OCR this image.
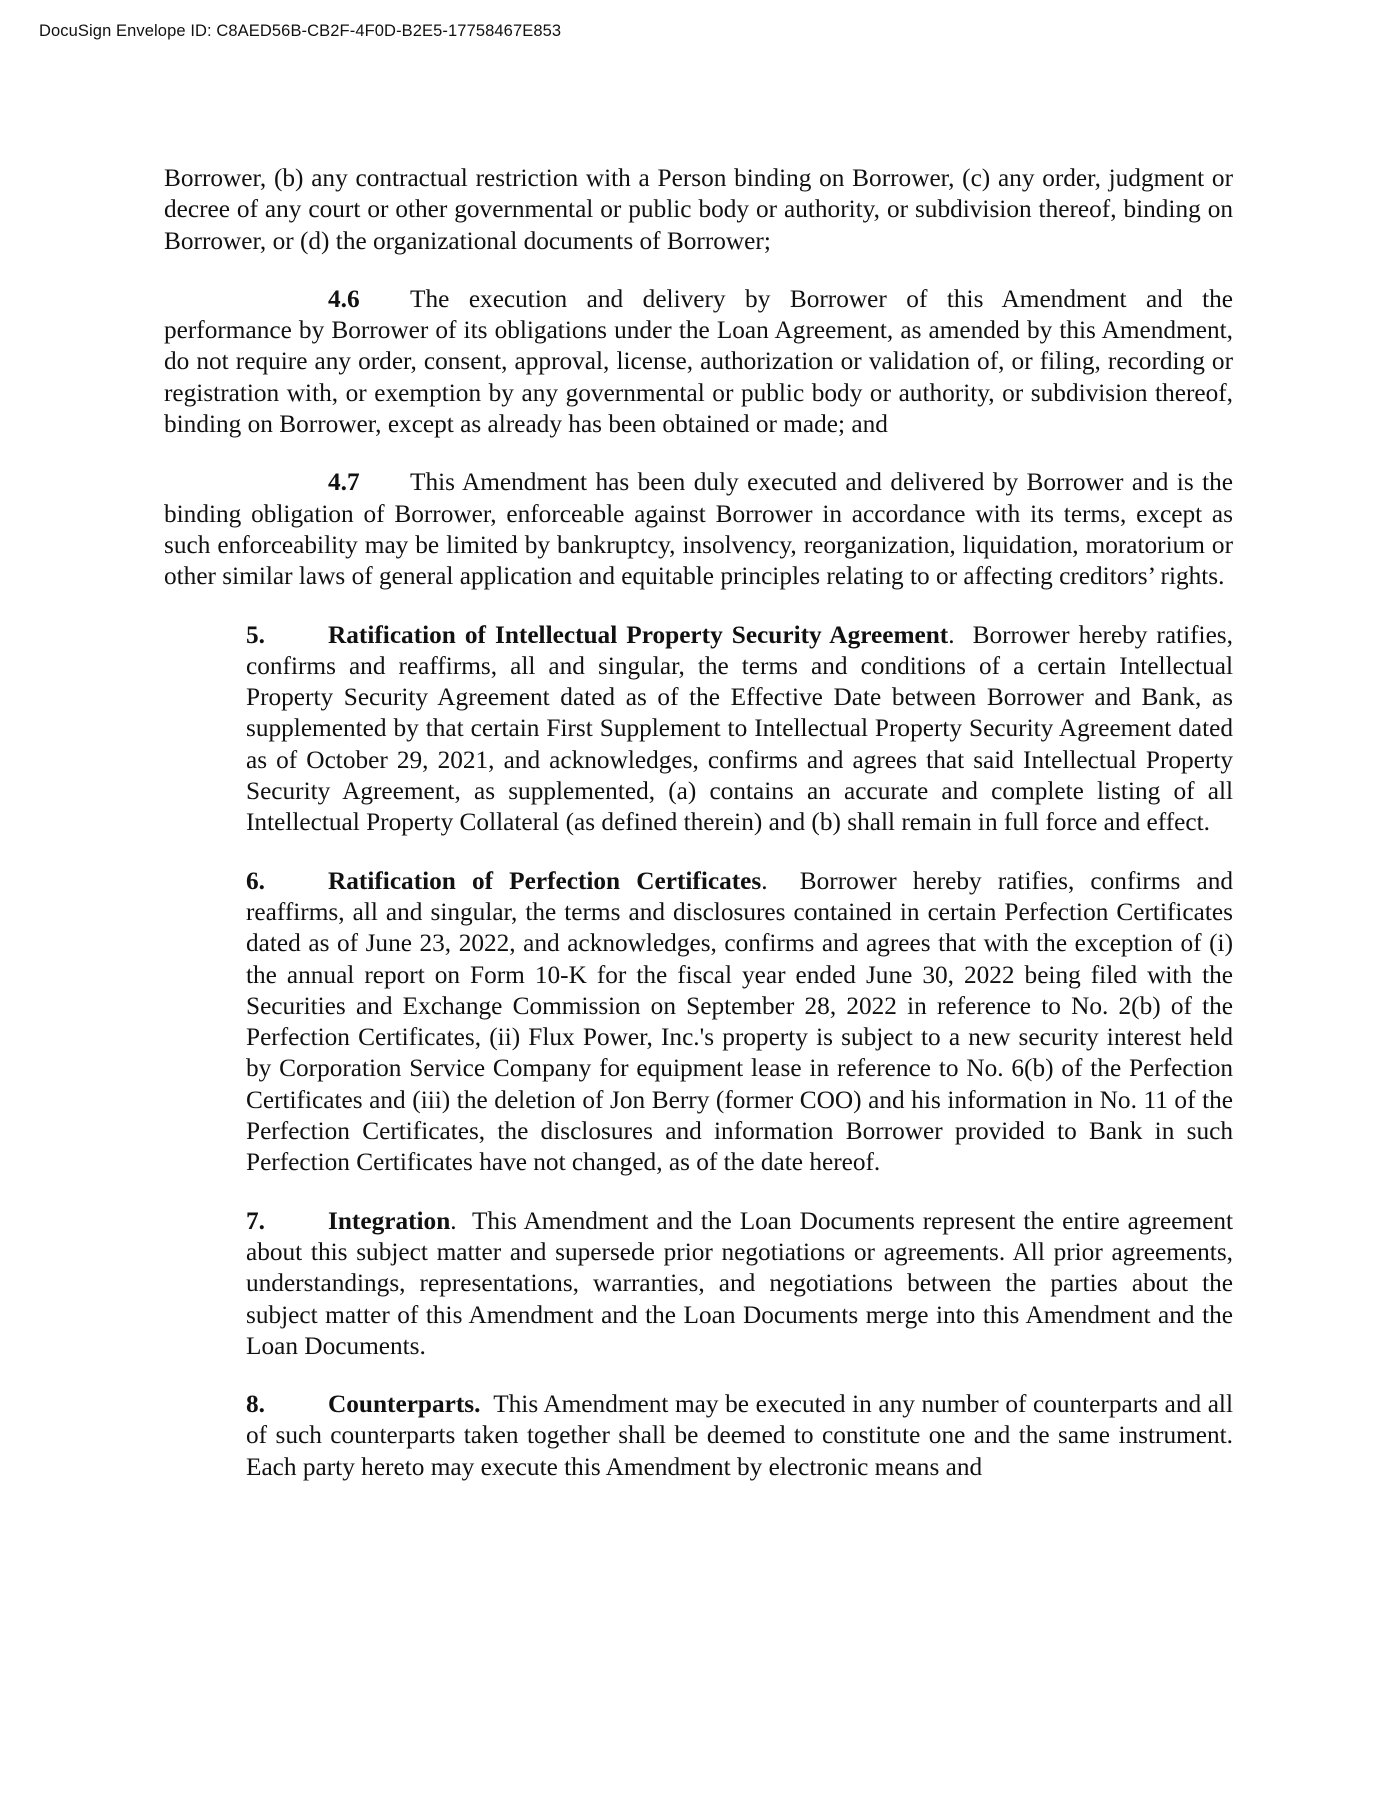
DocuSign Envelope ID: C8AED56B-CB2F-4F0D-B2E5-17758467E853

Borrower, (b) any contractual restriction with a Person binding on Borrower, (c) any order, judgment or decree of any court or other governmental or public body or authority, or subdivision thereof, binding on Borrower, or (d) the organizational documents of Borrower;

4.6 The execution and delivery by Borrower of this Amendment and the performance by Borrower of its obligations under the Loan Agreement, as amended by this Amendment, do not require any order, consent, approval, license, authorization or validation of, or filing, recording or registration with, or exemption by any governmental or public body or authority, or subdivision thereof, binding on Borrower, except as already has been obtained or made; and

4.7 This Amendment has been duly executed and delivered by Borrower and is the binding obligation of Borrower, enforceable against Borrower in accordance with its terms, except as such enforceability may be limited by bankruptcy, insolvency, reorganization, liquidation, moratorium or other similar laws of general application and equitable principles relating to or affecting creditors’ rights.

5. Ratification of Intellectual Property Security Agreement. Borrower hereby ratifies, confirms and reaffirms, all and singular, the terms and conditions of a certain Intellectual Property Security Agreement dated as of the Effective Date between Borrower and Bank, as supplemented by that certain First Supplement to Intellectual Property Security Agreement dated as of October 29, 2021, and acknowledges, confirms and agrees that said Intellectual Property Security Agreement, as supplemented, (a) contains an accurate and complete listing of all Intellectual Property Collateral (as defined therein) and (b) shall remain in full force and effect.

6. Ratification of Perfection Certificates. Borrower hereby ratifies, confirms and reaffirms, all and singular, the terms and disclosures contained in certain Perfection Certificates dated as of June 23, 2022, and acknowledges, confirms and agrees that with the exception of (i) the annual report on Form 10-K for the fiscal year ended June 30, 2022 being filed with the Securities and Exchange Commission on September 28, 2022 in reference to No. 2(b) of the Perfection Certificates, (ii) Flux Power, Inc.'s property is subject to a new security interest held by Corporation Service Company for equipment lease in reference to No. 6(b) of the Perfection Certificates and (iii) the deletion of Jon Berry (former COO) and his information in No. 11 of the Perfection Certificates, the disclosures and information Borrower provided to Bank in such Perfection Certificates have not changed, as of the date hereof.

7. Integration. This Amendment and the Loan Documents represent the entire agreement about this subject matter and supersede prior negotiations or agreements. All prior agreements, understandings, representations, warranties, and negotiations between the parties about the subject matter of this Amendment and the Loan Documents merge into this Amendment and the Loan Documents.

8. Counterparts. This Amendment may be executed in any number of counterparts and all of such counterparts taken together shall be deemed to constitute one and the same instrument. Each party hereto may execute this Amendment by electronic means and
